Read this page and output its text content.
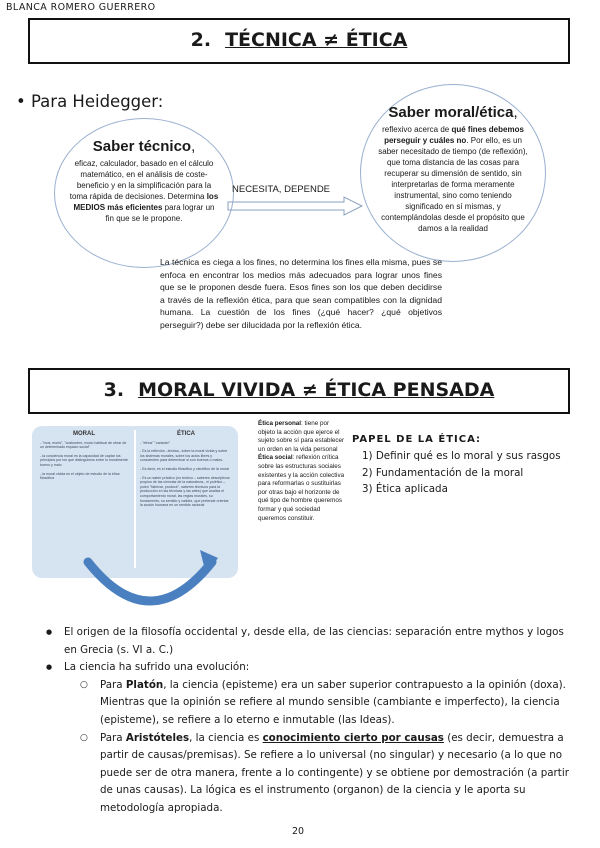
BLANCA ROMERO GUERRERO
2. TÉCNICA ≠ ÉTICA
• Para Heidegger:
Saber técnico,
eficaz, calculador, basado en el cálculo matemático, en el análisis de coste-beneficio y en la simplificación para la toma rápida de decisiones. Determina los MEDIOS más eficientes para lograr un fin que se le propone.
NECESITA, DEPENDE
Saber moral/ética,
reflexivo acerca de qué fines debemos perseguir y cuáles no. Por ello, es un saber necesitado de tiempo (de reflexión), que toma distancia de las cosas para recuperar su dimensión de sentido, sin interpretarlas de forma meramente instrumental, sino como teniendo significado en sí mismas, y contemplándolas desde el propósito que damos a la realidad
La técnica es ciega a los fines, no determina los fines ella misma, pues se enfoca en encontrar los medios más adecuados para lograr unos fines que se le proponen desde fuera. Esos fines son los que deben decidirse a través de la reflexión ética, para que sean compatibles con la dignidad humana. La cuestión de los fines (¿qué hacer? ¿qué objetivos perseguir?) debe ser dilucidada por la reflexión ética.
3. MORAL VIVIDA ≠ ÉTICA PENSADA
MORAL

- "mos, moris", "costumbre, modo habitual de obrar de un determinado espacio social"

- la conciencia moral es la capacidad de captar los principios por los que distinguimos entre lo moralmente bueno y malo

- la moral vivida es el objeto de estudio de la ética filosófica

ÉTICA

- "ethos" "carácter"

- Es la reflexión –teórica– sobre la moral vivida y sobre los sistemas morales, sobre los actos libres y conscientes para determinar si son buenos o malos.

- Es decir, es el estudio filosófico y científico de la moral

- Es un saber práctico (no teórico – saberes descriptivos propios de las ciencias de la naturaleza-, ni poiético –poien "fabricar, producir", saberes técnicos para la producción en las técnicas y las artes) que analiza el comportamiento moral, las reglas morales, su fundamento, su sentido y validez, que pretende orientar la acción humana en un sentido racional

Ética personal: tiene por objeto la acción que ejerce el sujeto sobre sí para establecer un orden en la vida personal
Ética social: reflexión crítica sobre las estructuras sociales existentes y la acción colectiva para reformarlas o sustituirlas por otras bajo el horizonte de qué tipo de hombre queremos formar y qué sociedad queremos constituir.
PAPEL DE LA ÉTICA:
1) Definir qué es lo moral y sus rasgos
2) Fundamentación de la moral
3) Ética aplicada
● El origen de la filosofía occidental y, desde ella, de las ciencias: separación entre mythos y logos en Grecia (s. VI a. C.)
● La ciencia ha sufrido una evolución:
○ Para Platón, la ciencia (episteme) era un saber superior contrapuesto a la opinión (doxa). Mientras que la opinión se refiere al mundo sensible (cambiante e imperfecto), la ciencia (episteme), se refiere a lo eterno e inmutable (las Ideas).
○ Para Aristóteles, la ciencia es conocimiento cierto por causas (es decir, demuestra a partir de causas/premisas). Se refiere a lo universal (no singular) y necesario (a lo que no puede ser de otra manera, frente a lo contingente) y se obtiene por demostración (a partir de unas causas). La lógica es el instrumento (organon) de la ciencia y le aporta su metodología apropiada.
20
